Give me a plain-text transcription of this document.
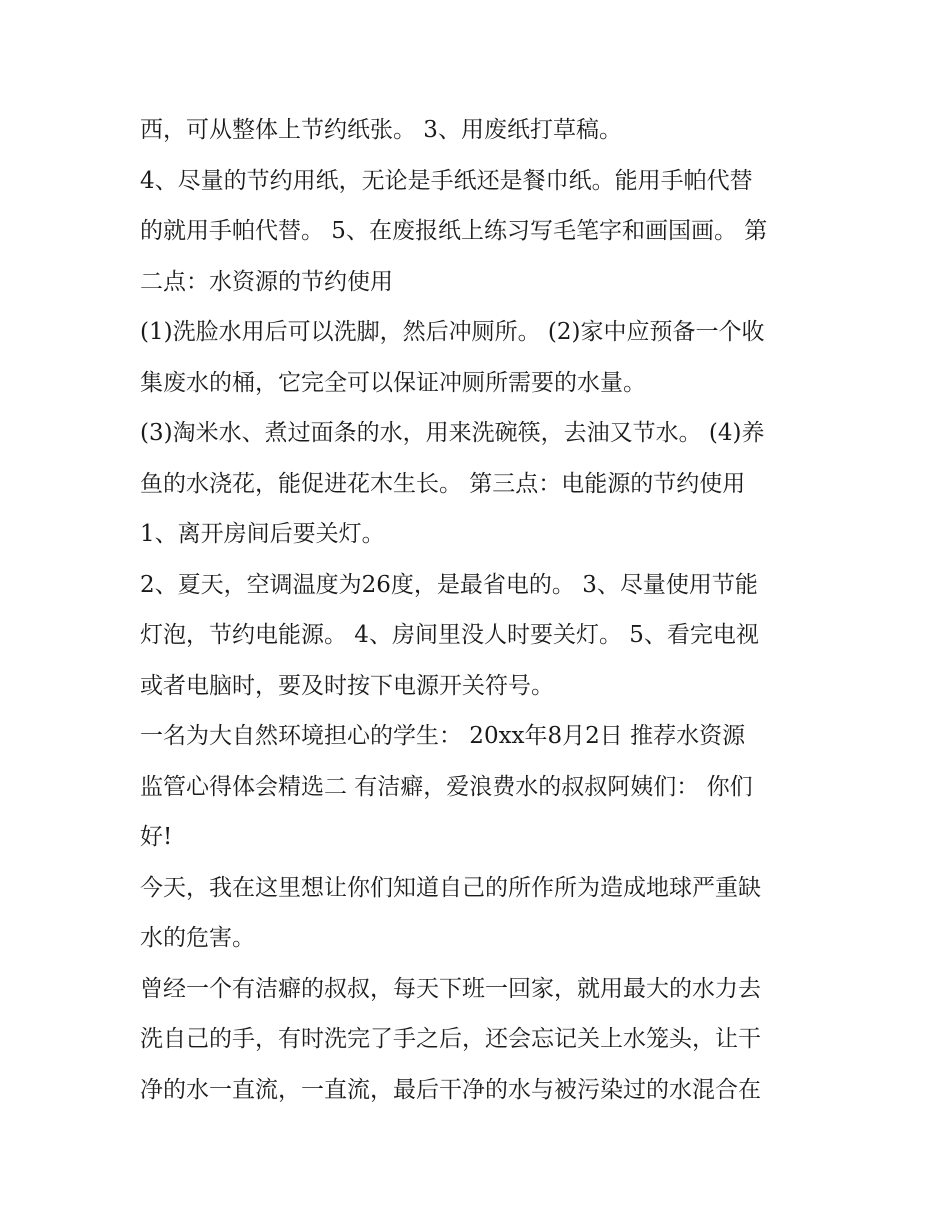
西，可从整体上节约纸张。 3、用废纸打草稿。
4、尽量的节约用纸，无论是手纸还是餐巾纸。能用手帕代替
的就用手帕代替。 5、在废报纸上练习写毛笔字和画国画。 第
二点：水资源的节约使用
(1)洗脸水用后可以洗脚，然后冲厕所。 (2)家中应预备一个收
集废水的桶，它完全可以保证冲厕所需要的水量。
(3)淘米水、煮过面条的水，用来洗碗筷，去油又节水。 (4)养
鱼的水浇花，能促进花木生长。 第三点：电能源的节约使用
1、离开房间后要关灯。
2、夏天，空调温度为26度，是最省电的。 3、尽量使用节能
灯泡，节约电能源。 4、房间里没人时要关灯。 5、看完电视
或者电脑时，要及时按下电源开关符号。
一名为大自然环境担心的学生： 20xx年8月2日 推荐水资源
监管心得体会精选二 有洁癖，爱浪费水的叔叔阿姨们： 你们
好!
今天，我在这里想让你们知道自己的所作所为造成地球严重缺
水的危害。
曾经一个有洁癖的叔叔，每天下班一回家，就用最大的水力去
洗自己的手，有时洗完了手之后，还会忘记关上水笼头，让干
净的水一直流，一直流，最后干净的水与被污染过的水混合在
